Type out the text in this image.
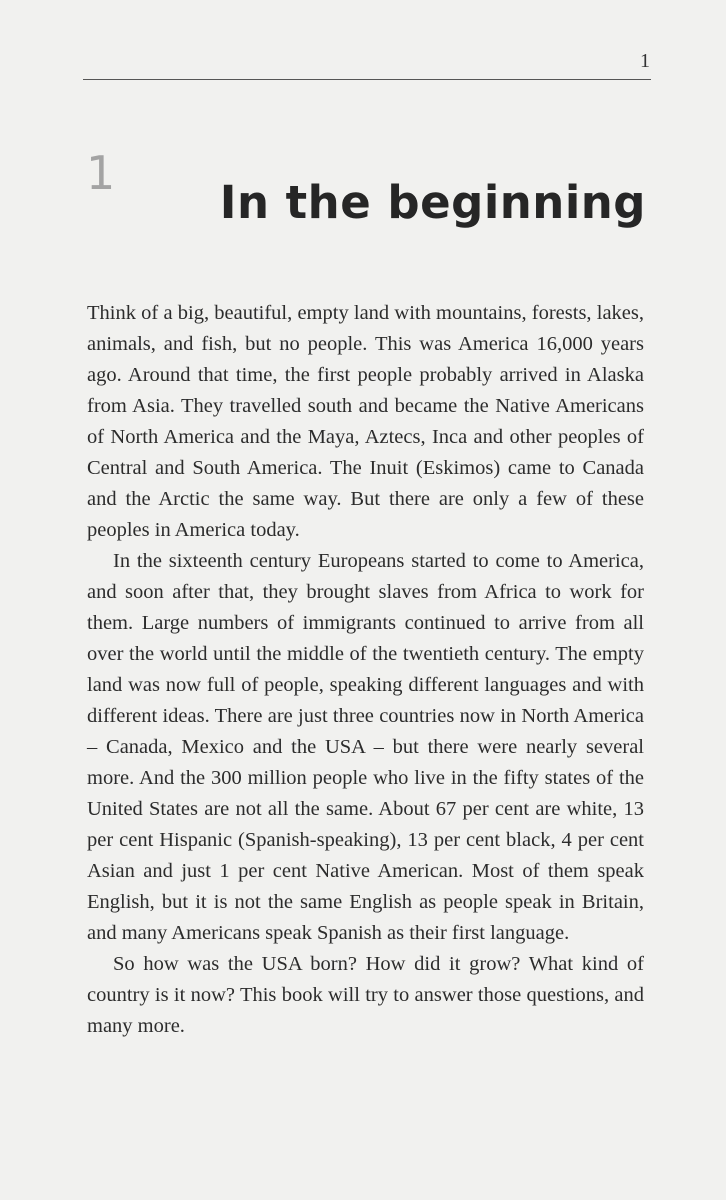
1
1
In the beginning

Think of a big, beautiful, empty land with mountains, forests, lakes, animals, and fish, but no people. This was America 16,000 years ago. Around that time, the first people probably arrived in Alaska from Asia. They travelled south and became the Native Americans of North America and the Maya, Aztecs, Inca and other peoples of Central and South America. The Inuit (Eskimos) came to Canada and the Arctic the same way. But there are only a few of these peoples in America today.

In the sixteenth century Europeans started to come to America, and soon after that, they brought slaves from Africa to work for them. Large numbers of immigrants continued to arrive from all over the world until the middle of the twentieth century. The empty land was now full of people, speaking different languages and with different ideas. There are just three countries now in North America – Canada, Mexico and the USA – but there were nearly several more. And the 300 million people who live in the fifty states of the United States are not all the same. About 67 per cent are white, 13 per cent Hispanic (Spanish-speaking), 13 per cent black, 4 per cent Asian and just 1 per cent Native American. Most of them speak English, but it is not the same English as people speak in Britain, and many Americans speak Spanish as their first language.

So how was the USA born? How did it grow? What kind of country is it now? This book will try to answer those questions, and many more.
